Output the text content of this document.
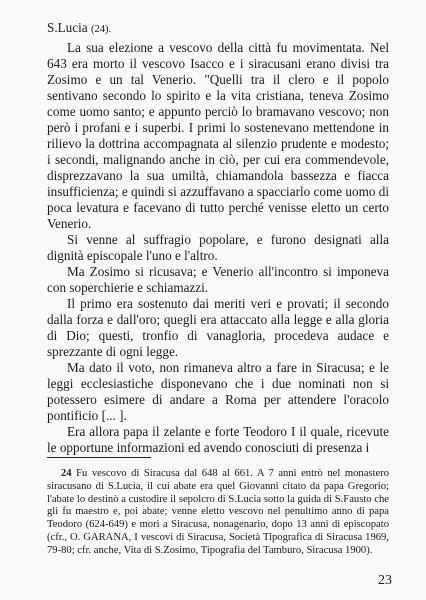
S.Lucia (24).

La sua elezione a vescovo della città fu movimentata. Nel 643 era morto il vescovo Isacco e i siracusani erano divisi tra Zosimo e un tal Venerio. "Quelli tra il clero e il popolo sentivano secondo lo spirito e la vita cristiana, teneva Zosimo come uomo santo; e appunto perciò lo bramavano vescovo; non però i profani e i superbi. I primi lo sostenevano mettendone in rilievo la dottrina accompagnata al silenzio prudente e modesto; i secondi, malignando anche in ciò, per cui era commendevole, disprezzavano la sua umiltà, chiamandola bassezza e fiacca insufficienza; e quindi si azzuffavano a spacciarlo come uomo di poca levatura e facevano di tutto perché venisse eletto un certo Venerio.

Si venne al suffragio popolare, e furono designati alla dignità episcopale l'uno e l'altro.

Ma Zosimo si ricusava; e Venerio all'incontro si imponeva con soperchierie e schiamazzi.

Il primo era sostenuto dai meriti veri e provati; il secondo dalla forza e dall'oro; quegli era attaccato alla legge e alla gloria di Dio; questi, tronfio di vanagloria, procedeva audace e sprezzante di ogni legge.

Ma dato il voto, non rimaneva altro a fare in Siracusa; e le leggi ecclesiastiche disponevano che i due nominati non si potessero esimere di andare a Roma per attendere l'oracolo pontificio [... ].

Era allora papa il zelante e forte Teodoro I il quale, ricevute le opportune informazioni ed avendo conosciuti di presenza i

24 Fu vescovo di Siracusa dal 648 al 661. A 7 anni entrò nel monastero siracusano di S.Lucia, il cui abate era quel Giovanni citato da papa Gregorio; l'abate lo destinò a custodire il sepolcro di S.Lucia sotto la guida di S.Fausto che gli fu maestro e, poi abate; venne eletto vescovo nel penultimo anno di papa Teodoro (624-649) e morì a Siracusa, nonagenario, dopo 13 anni di episcopato (cfr., O. GARANA, I vescovi di Siracusa, Società Tipografica di Siracusa 1969, 79-80; cfr. anche, Vita di S.Zosimo, Tipografia del Tamburo, Siracusa 1900).

23
